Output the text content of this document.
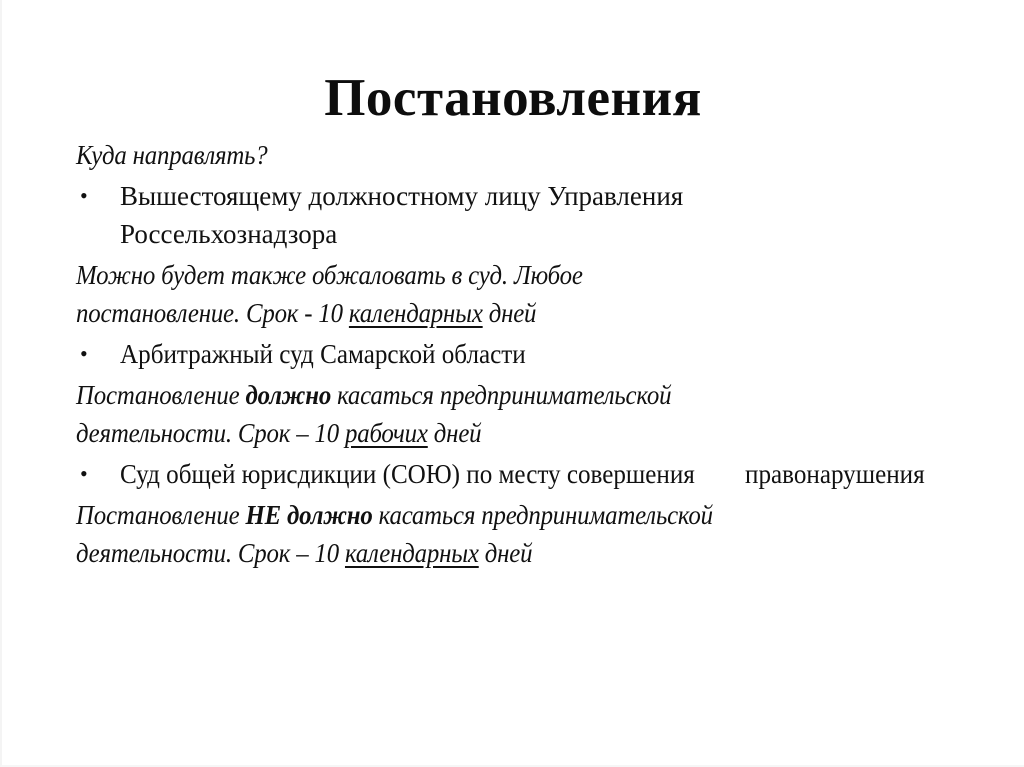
Постановления
Куда направлять?
• Вышестоящему должностному лицу Управления
Россельхознадзора
Можно будет также обжаловать в суд. Любое
постановление. Срок - 10 календарных дней
• Арбитражный суд Самарской области
Постановление должно касаться предпринимательской
деятельности. Срок – 10 рабочих дней
• Суд общей юрисдикции (СОЮ) по месту совершения правонарушения
Постановление НЕ должно касаться предпринимательской
деятельности. Срок – 10 календарных дней
